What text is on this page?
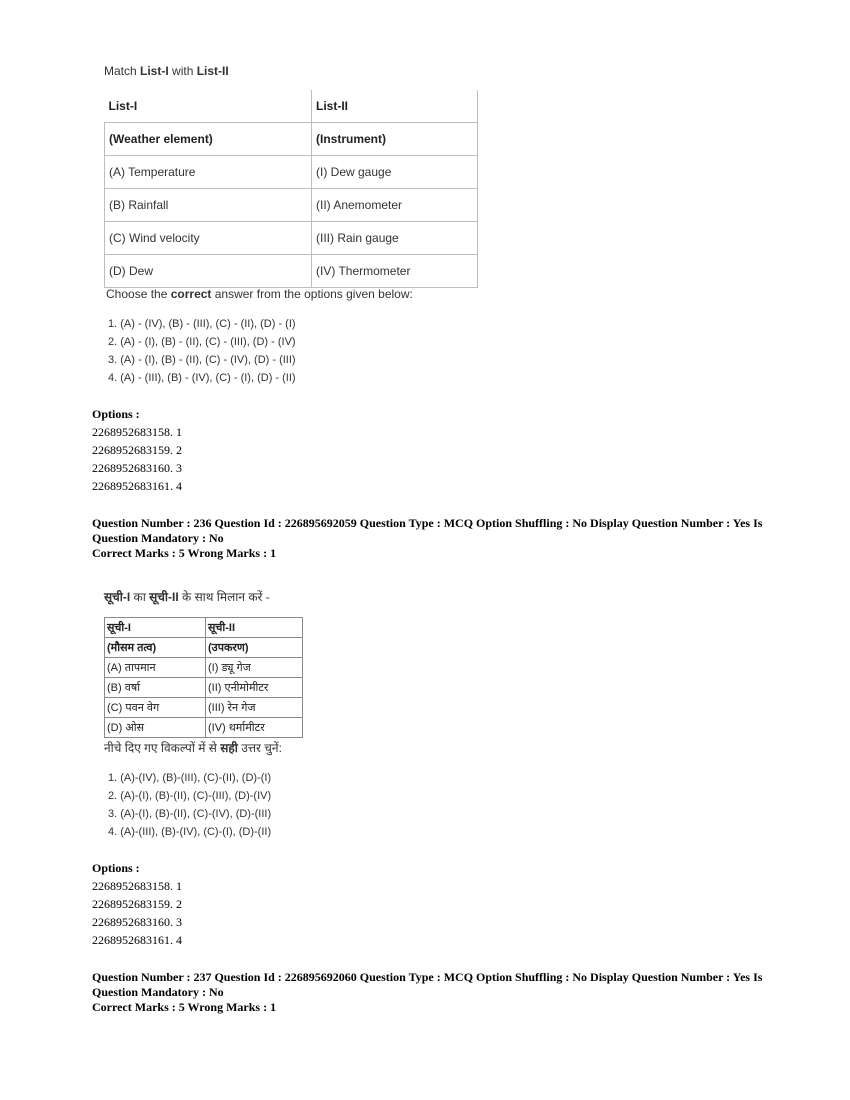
Match List-I with List-II
List-I	List-II
(Weather element)	(Instrument)
(A) Temperature	(I) Dew gauge
(B) Rainfall	(II) Anemometer
(C) Wind velocity	(III) Rain gauge
(D) Dew	(IV) Thermometer
Choose the correct answer from the options given below:
1. (A) - (IV), (B) - (III), (C) - (II), (D) - (I)
2. (A) - (I), (B) - (II), (C) - (III), (D) - (IV)
3. (A) - (I), (B) - (II), (C) - (IV), (D) - (III)
4. (A) - (III), (B) - (IV), (C) - (I), (D) - (II)
Options :
2268952683158. 1
2268952683159. 2
2268952683160. 3
2268952683161. 4
Question Number : 236 Question Id : 226895692059 Question Type : MCQ Option Shuffling : No Display Question Number : Yes Is Question Mandatory : No
Correct Marks : 5 Wrong Marks : 1
सूची-I का सूची-II के साथ मिलान करें -
सूची-I	सूची-II
(मौसम तत्व)	(उपकरण)
(A) तापमान	(I) ड्यू गेज
(B) वर्षा	(II) एनीमोमीटर
(C) पवन वेग	(III) रेन गेज
(D) ओस	(IV) थर्मामीटर
नीचे दिए गए विकल्पों में से सही उत्तर चुनें:
1. (A)-(IV), (B)-(III), (C)-(II), (D)-(I)
2. (A)-(I), (B)-(II), (C)-(III), (D)-(IV)
3. (A)-(I), (B)-(II), (C)-(IV), (D)-(III)
4. (A)-(III), (B)-(IV), (C)-(I), (D)-(II)
Options :
2268952683158. 1
2268952683159. 2
2268952683160. 3
2268952683161. 4
Question Number : 237 Question Id : 226895692060 Question Type : MCQ Option Shuffling : No Display Question Number : Yes Is Question Mandatory : No
Correct Marks : 5 Wrong Marks : 1
